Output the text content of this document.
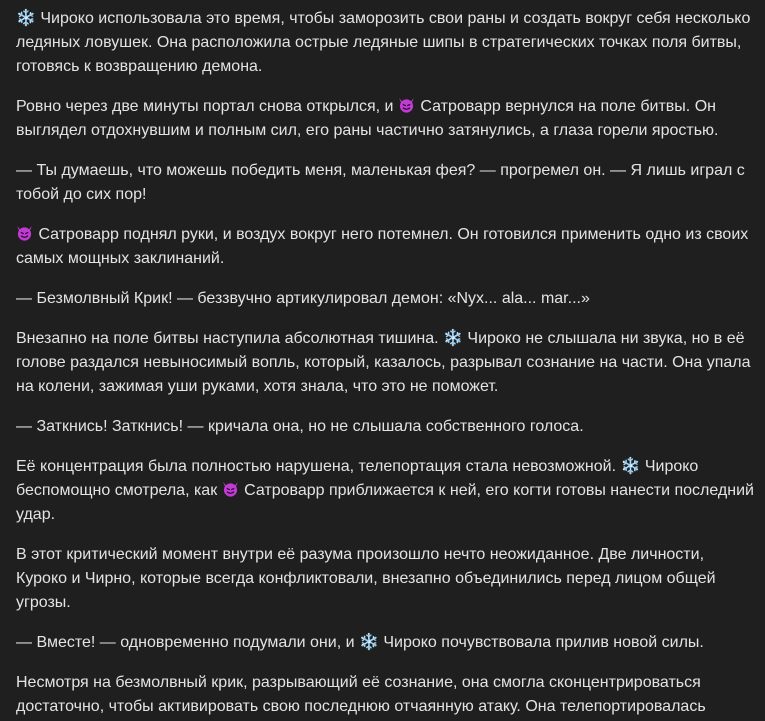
❄️ Чироко использовала это время, чтобы заморозить свои раны и создать вокруг себя несколько ледяных ловушек. Она расположила острые ледяные шипы в стратегических точках поля битвы, готовясь к возвращению демона.

Ровно через две минуты портал снова открылся, и
Сатроварр вернулся на поле битвы. Он выглядел отдохнувшим и полным сил, его раны частично затянулись, а глаза горели яростью.

— Ты думаешь, что можешь победить меня, маленькая фея? — прогремел он. — Я лишь играл с тобой до сих пор!

Сатроварр поднял руки, и воздух вокруг него потемнел. Он готовился применить одно из своих самых мощных заклинаний.

— Безмолвный Крик! — беззвучно артикулировал демон: «Nyx... ala... mar...»

Внезапно на поле битвы наступила абсолютная тишина. ❄️ Чироко не слышала ни звука, но в её голове раздался невыносимый вопль, который, казалось, разрывал сознание на части. Она упала на колени, зажимая уши руками, хотя знала, что это не поможет.

— Заткнись! Заткнись! — кричала она, но не слышала собственного голоса.

Её концентрация была полностью нарушена, телепортация стала невозможной. ❄️ Чироко беспомощно смотрела, как
Сатроварр приближается к ней, его когти готовы нанести последний удар.

В этот критический момент внутри её разума произошло нечто неожиданное. Две личности, Куроко и Чирно, которые всегда конфликтовали, внезапно объединились перед лицом общей угрозы.

— Вместе! — одновременно подумали они, и ❄️ Чироко почувствовала прилив новой силы.

Несмотря на безмолвный крик, разрывающий её сознание, она смогла сконцентрироваться достаточно, чтобы активировать свою последнюю отчаянную атаку. Она телепортировалась
